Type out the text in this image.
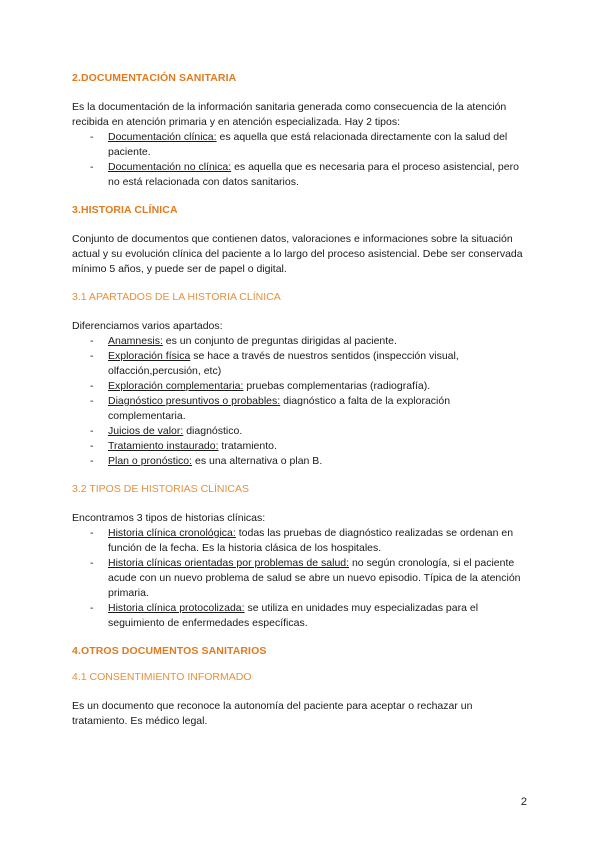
2.DOCUMENTACIÓN SANITARIA

Es la documentación de la información sanitaria generada como consecuencia de la atención recibida en atención primaria y en atención especializada. Hay 2 tipos:

- Documentación clínica: es aquella que está relacionada directamente con la salud del paciente.
- Documentación no clínica: es aquella que es necesaria para el proceso asistencial, pero no está relacionada con datos sanitarios.

3.HISTORIA CLÍNICA

Conjunto de documentos que contienen datos, valoraciones e informaciones sobre la situación actual y su evolución clínica del paciente a lo largo del proceso asistencial. Debe ser conservada mínimo 5 años, y puede ser de papel o digital.

3.1 APARTADOS DE LA HISTORIA CLÍNICA

Diferenciamos varios apartados:

- Anamnesis: es un conjunto de preguntas dirigidas al paciente.
- Exploración física se hace a través de nuestros sentidos (inspección visual, olfacción,percusión, etc)
- Exploración complementaria: pruebas complementarias (radiografía).
- Diagnóstico presuntivos o probables: diagnóstico a falta de la exploración complementaria.
- Juicios de valor: diagnóstico.
- Tratamiento instaurado: tratamiento.
- Plan o pronóstico: es una alternativa o plan B.

3.2 TIPOS DE HISTORIAS CLÍNICAS

Encontramos 3 tipos de historias clínicas:

- Historia clínica cronológica: todas las pruebas de diagnóstico realizadas se ordenan en función de la fecha. Es la historia clásica de los hospitales.
- Historia clínicas orientadas por problemas de salud: no según cronología, si el paciente acude con un nuevo problema de salud se abre un nuevo episodio. Típica de la atención primaria.
- Historia clínica protocolizada: se utiliza en unidades muy especializadas para el seguimiento de enfermedades específicas.

4.OTROS DOCUMENTOS SANITARIOS

4.1 CONSENTIMIENTO INFORMADO

Es un documento que reconoce la autonomía del paciente para aceptar o rechazar un tratamiento. Es médico legal.

2
